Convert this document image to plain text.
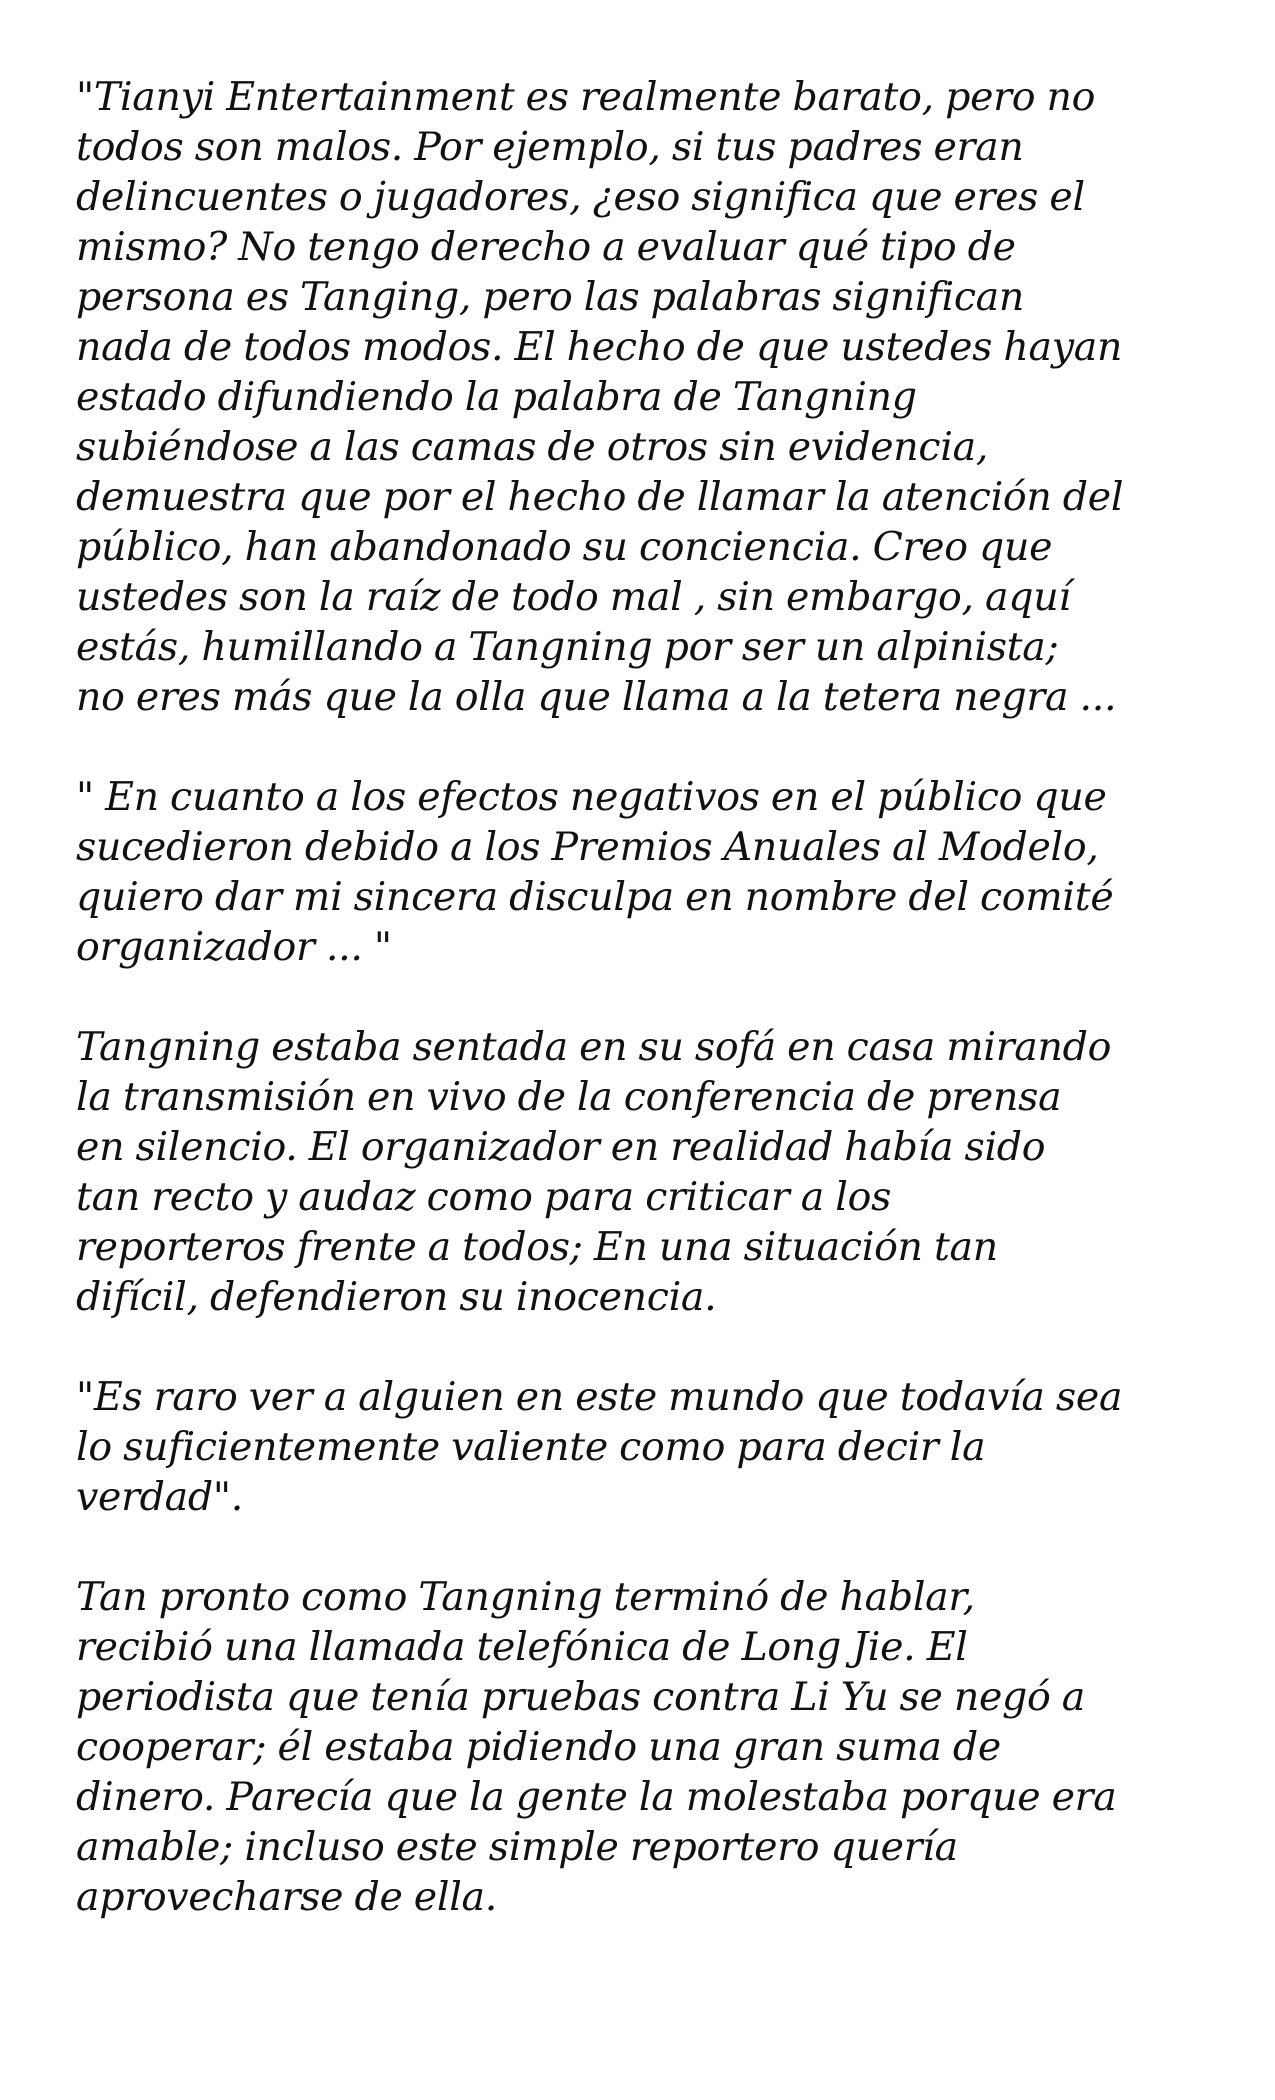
"Tianyi Entertainment es realmente barato, pero no
todos son malos. Por ejemplo, si tus padres eran
delincuentes o jugadores, ¿eso significa que eres el
mismo? No tengo derecho a evaluar qué tipo de
persona es Tanging, pero las palabras significan
nada de todos modos. El hecho de que ustedes hayan
estado difundiendo la palabra de Tangning
subiéndose a las camas de otros sin evidencia,
demuestra que por el hecho de llamar la atención del
público, han abandonado su conciencia. Creo que
ustedes son la raíz de todo mal , sin embargo, aquí
estás, humillando a Tangning por ser un alpinista;
no eres más que la olla que llama a la tetera negra ...

" En cuanto a los efectos negativos en el público que
sucedieron debido a los Premios Anuales al Modelo,
quiero dar mi sincera disculpa en nombre del comité
organizador ... "

Tangning estaba sentada en su sofá en casa mirando
la transmisión en vivo de la conferencia de prensa
en silencio. El organizador en realidad había sido
tan recto y audaz como para criticar a los
reporteros frente a todos; En una situación tan
difícil, defendieron su inocencia.

"Es raro ver a alguien en este mundo que todavía sea
lo suficientemente valiente como para decir la
verdad".

Tan pronto como Tangning terminó de hablar,
recibió una llamada telefónica de Long Jie. El
periodista que tenía pruebas contra Li Yu se negó a
cooperar; él estaba pidiendo una gran suma de
dinero. Parecía que la gente la molestaba porque era
amable; incluso este simple reportero quería
aprovecharse de ella.
